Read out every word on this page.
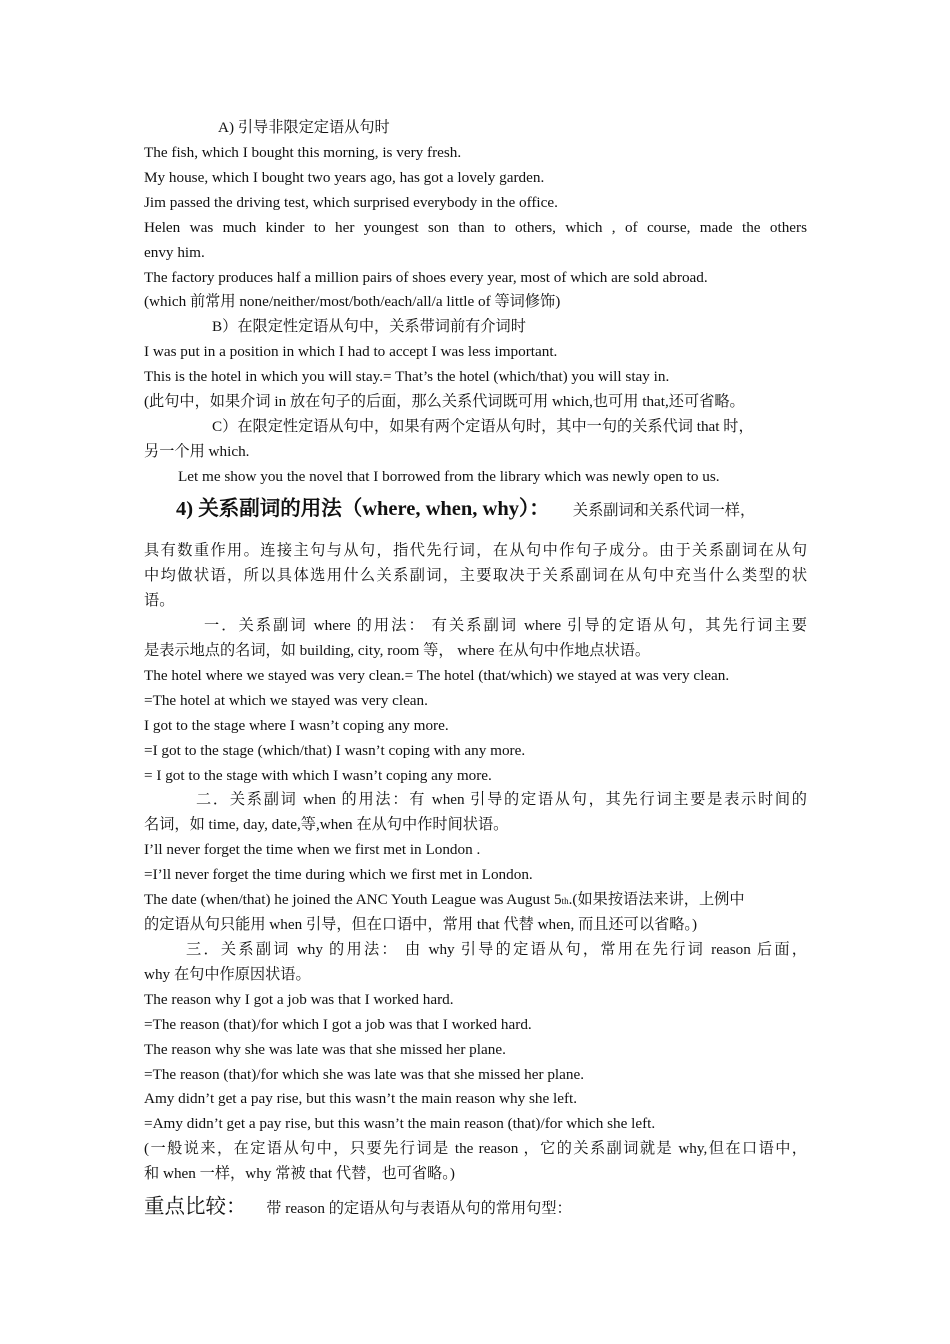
A) 引导非限定定语从句时
The fish, which I bought this morning, is very fresh.
My house, which I bought two years ago, has got a lovely garden.
Jim passed the driving test, which surprised everybody in the office.
Helen was much kinder to her youngest son than to others, which , of course, made the others
envy him.
The factory produces half a million pairs of shoes every year, most of which are sold abroad.
(which 前常用 none/neither/most/both/each/all/a little of 等词修饰)
B）在限定性定语从句中，关系带词前有介词时
I was put in a position in which I had to accept I was less important.
This is the hotel in which you will stay.= That’s the hotel (which/that) you will stay in.
(此句中，如果介词 in 放在句子的后面，那么关系代词既可用 which,也可用 that,还可省略。
C）在限定性定语从句中，如果有两个定语从句时，其中一句的关系代词 that 时，
另一个用 which.
Let me show you the novel that I borrowed from the library which was newly open to us.
4) 关系副词的用法（where, when, why）： 关系副词和关系代词一样，
具有数重作用。连接主句与从句，指代先行词，在从句中作句子成分。由于关系副词在从句
中均做状语，所以具体选用什么关系副词，主要取决于关系副词在从句中充当什么类型的状
语。
一．关系副词 where 的用法： 有关系副词 where 引导的定语从句，其先行词主要
是表示地点的名词，如 building, city, room 等， where 在从句中作地点状语。
The hotel where we stayed was very clean.= The hotel (that/which) we stayed at was very clean.
=The hotel at which we stayed was very clean.
I got to the stage where I wasn’t coping any more.
=I got to the stage (which/that) I wasn’t coping with any more.
= I got to the stage with which I wasn’t coping any more.
二．关系副词 when 的用法：有 when 引导的定语从句，其先行词主要是表示时间的
名词，如 time, day, date,等,when 在从句中作时间状语。
I’ll never forget the time when we first met in London .
=I’ll never forget the time during which we first met in London.
The date (when/that) he joined the ANC Youth League was August 5th.(如果按语法来讲，上例中
的定语从句只能用 when 引导，但在口语中，常用 that 代替 when, 而且还可以省略。)
三．关系副词 why 的用法： 由 why 引导的定语从句，常用在先行词 reason 后面，
why 在句中作原因状语。
The reason why I got a job was that I worked hard.
=The reason (that)/for which I got a job was that I worked hard.
The reason why she was late was that she missed her plane.
=The reason (that)/for which she was late was that she missed her plane.
Amy didn’t get a pay rise, but this wasn’t the main reason why she left.
=Amy didn’t get a pay rise, but this wasn’t the main reason (that)/for which she left.
(一般说来，在定语从句中，只要先行词是 the reason ，它的关系副词就是 why,但在口语中，
和 when 一样，why 常被 that 代替，也可省略。)
重点比较： 带 reason 的定语从句与表语从句的常用句型：
